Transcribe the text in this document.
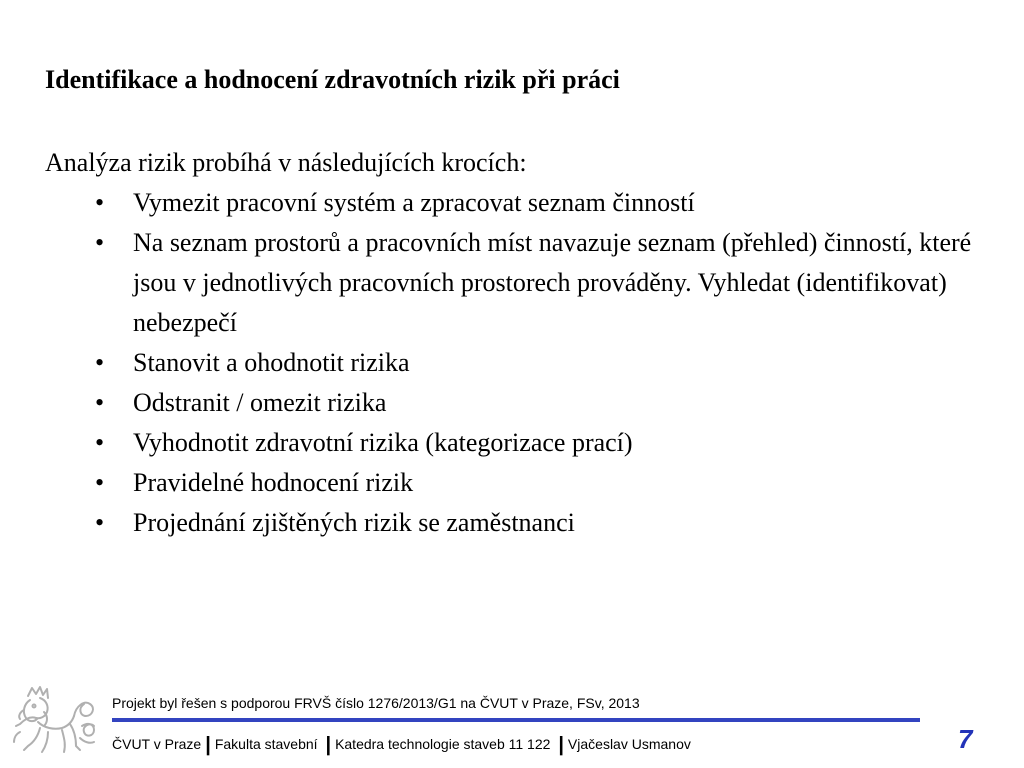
Identifikace a hodnocení zdravotních rizik při práci

Analýza rizik probíhá v následujících krocích:

•	Vymezit pracovní systém a zpracovat seznam činností
•	Na seznam prostorů a pracovních míst navazuje seznam (přehled) činností, které jsou v jednotlivých pracovních prostorech prováděny. Vyhledat (identifikovat) nebezpečí
•	Stanovit a ohodnotit rizika
•	Odstranit / omezit rizika
•	Vyhodnotit zdravotní rizika (kategorizace prací)
•	Pravidelné hodnocení rizik
•	Projednání zjištěných rizik se zaměstnanci
Projekt byl řešen s podporou FRVŠ číslo 1276/2013/G1 na ČVUT v Praze, FSv, 2013
ČVUT v Praze | Fakulta stavební | Katedra technologie staveb 11 122 | Vjačeslav Usmanov	7
